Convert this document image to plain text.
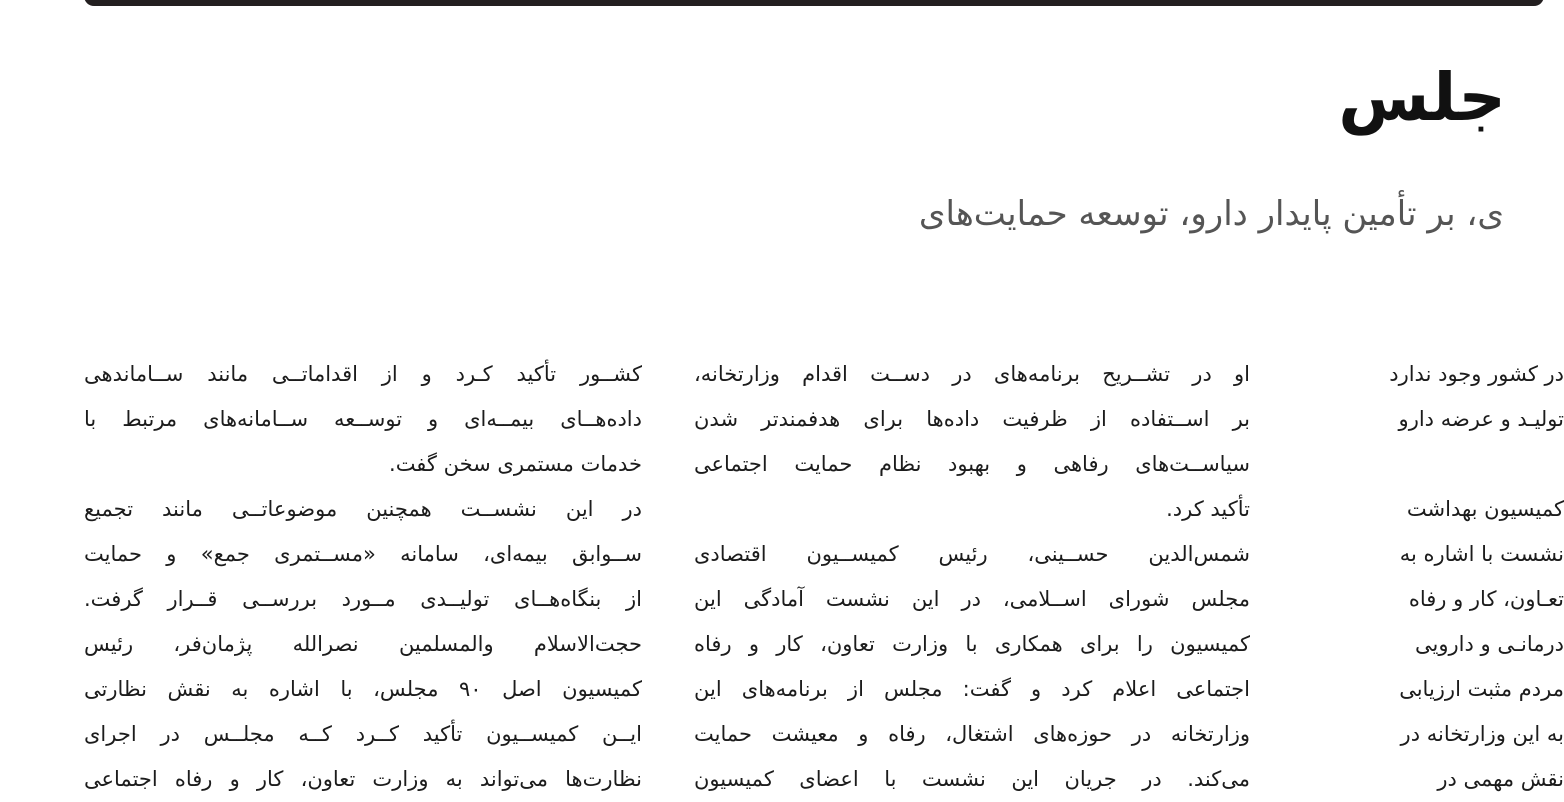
جلس
ی، بر تأمین پایدار دارو، توسعه حمایت‌های
کشــور تأکید کـرد و از اقداماتــی مانند ســاماندهی
داده‌هــای بیمــه‌ای و توســعه ســامانه‌های مرتبط با
خدمات مستمری سخن گفت.
در این نشســت همچنین موضوعاتــی مانند تجمیع
ســوابق بیمه‌ای، سامانه «مســتمری جمع» و حمایت
از بنگاه‌هــای تولیــدی مــورد بررســی قــرار گرفت.
حجت‌الاسلام والمسلمین نصرالله پژمان‌فر، رئیس
کمیسیون اصل ۹۰ مجلس، با اشاره به نقش نظارتی
ایــن کمیســیون تأکید کــرد کــه مجلــس در اجرای
نظارت‌ها می‌تواند به وزارت تعاون، کار و رفاه اجتماعی
او در تشــریح برنامه‌های در دســت اقدام وزارتخانه،
بر اســتفاده از ظرفیت داده‌ها برای هدفمندتر شدن
سیاســت‌های رفاهی و بهبود نظام حمایت اجتماعی
تأکید کرد.
شمس‌الدین حســینی، رئیس کمیســیون اقتصادی
مجلس شورای اســلامی، در این نشست آمادگی این
کمیسیون را برای همکاری با وزارت تعاون، کار و رفاه
اجتماعی اعلام کرد و گفت: مجلس از برنامه‌های این
وزارتخانه در حوزه‌های اشتغال، رفاه و معیشت حمایت
می‌کند. در جریان این نشست با اعضای کمیسیون
در کشور وجود ندارد
تولیـد و عرضه دارو
کمیسیون بهداشت
نشست با اشاره به
تعـاون، کار و رفاه
درمانـی و دارویی
مردم مثبت ارزیابی
به این وزارتخانه در
نقش مهمی در
